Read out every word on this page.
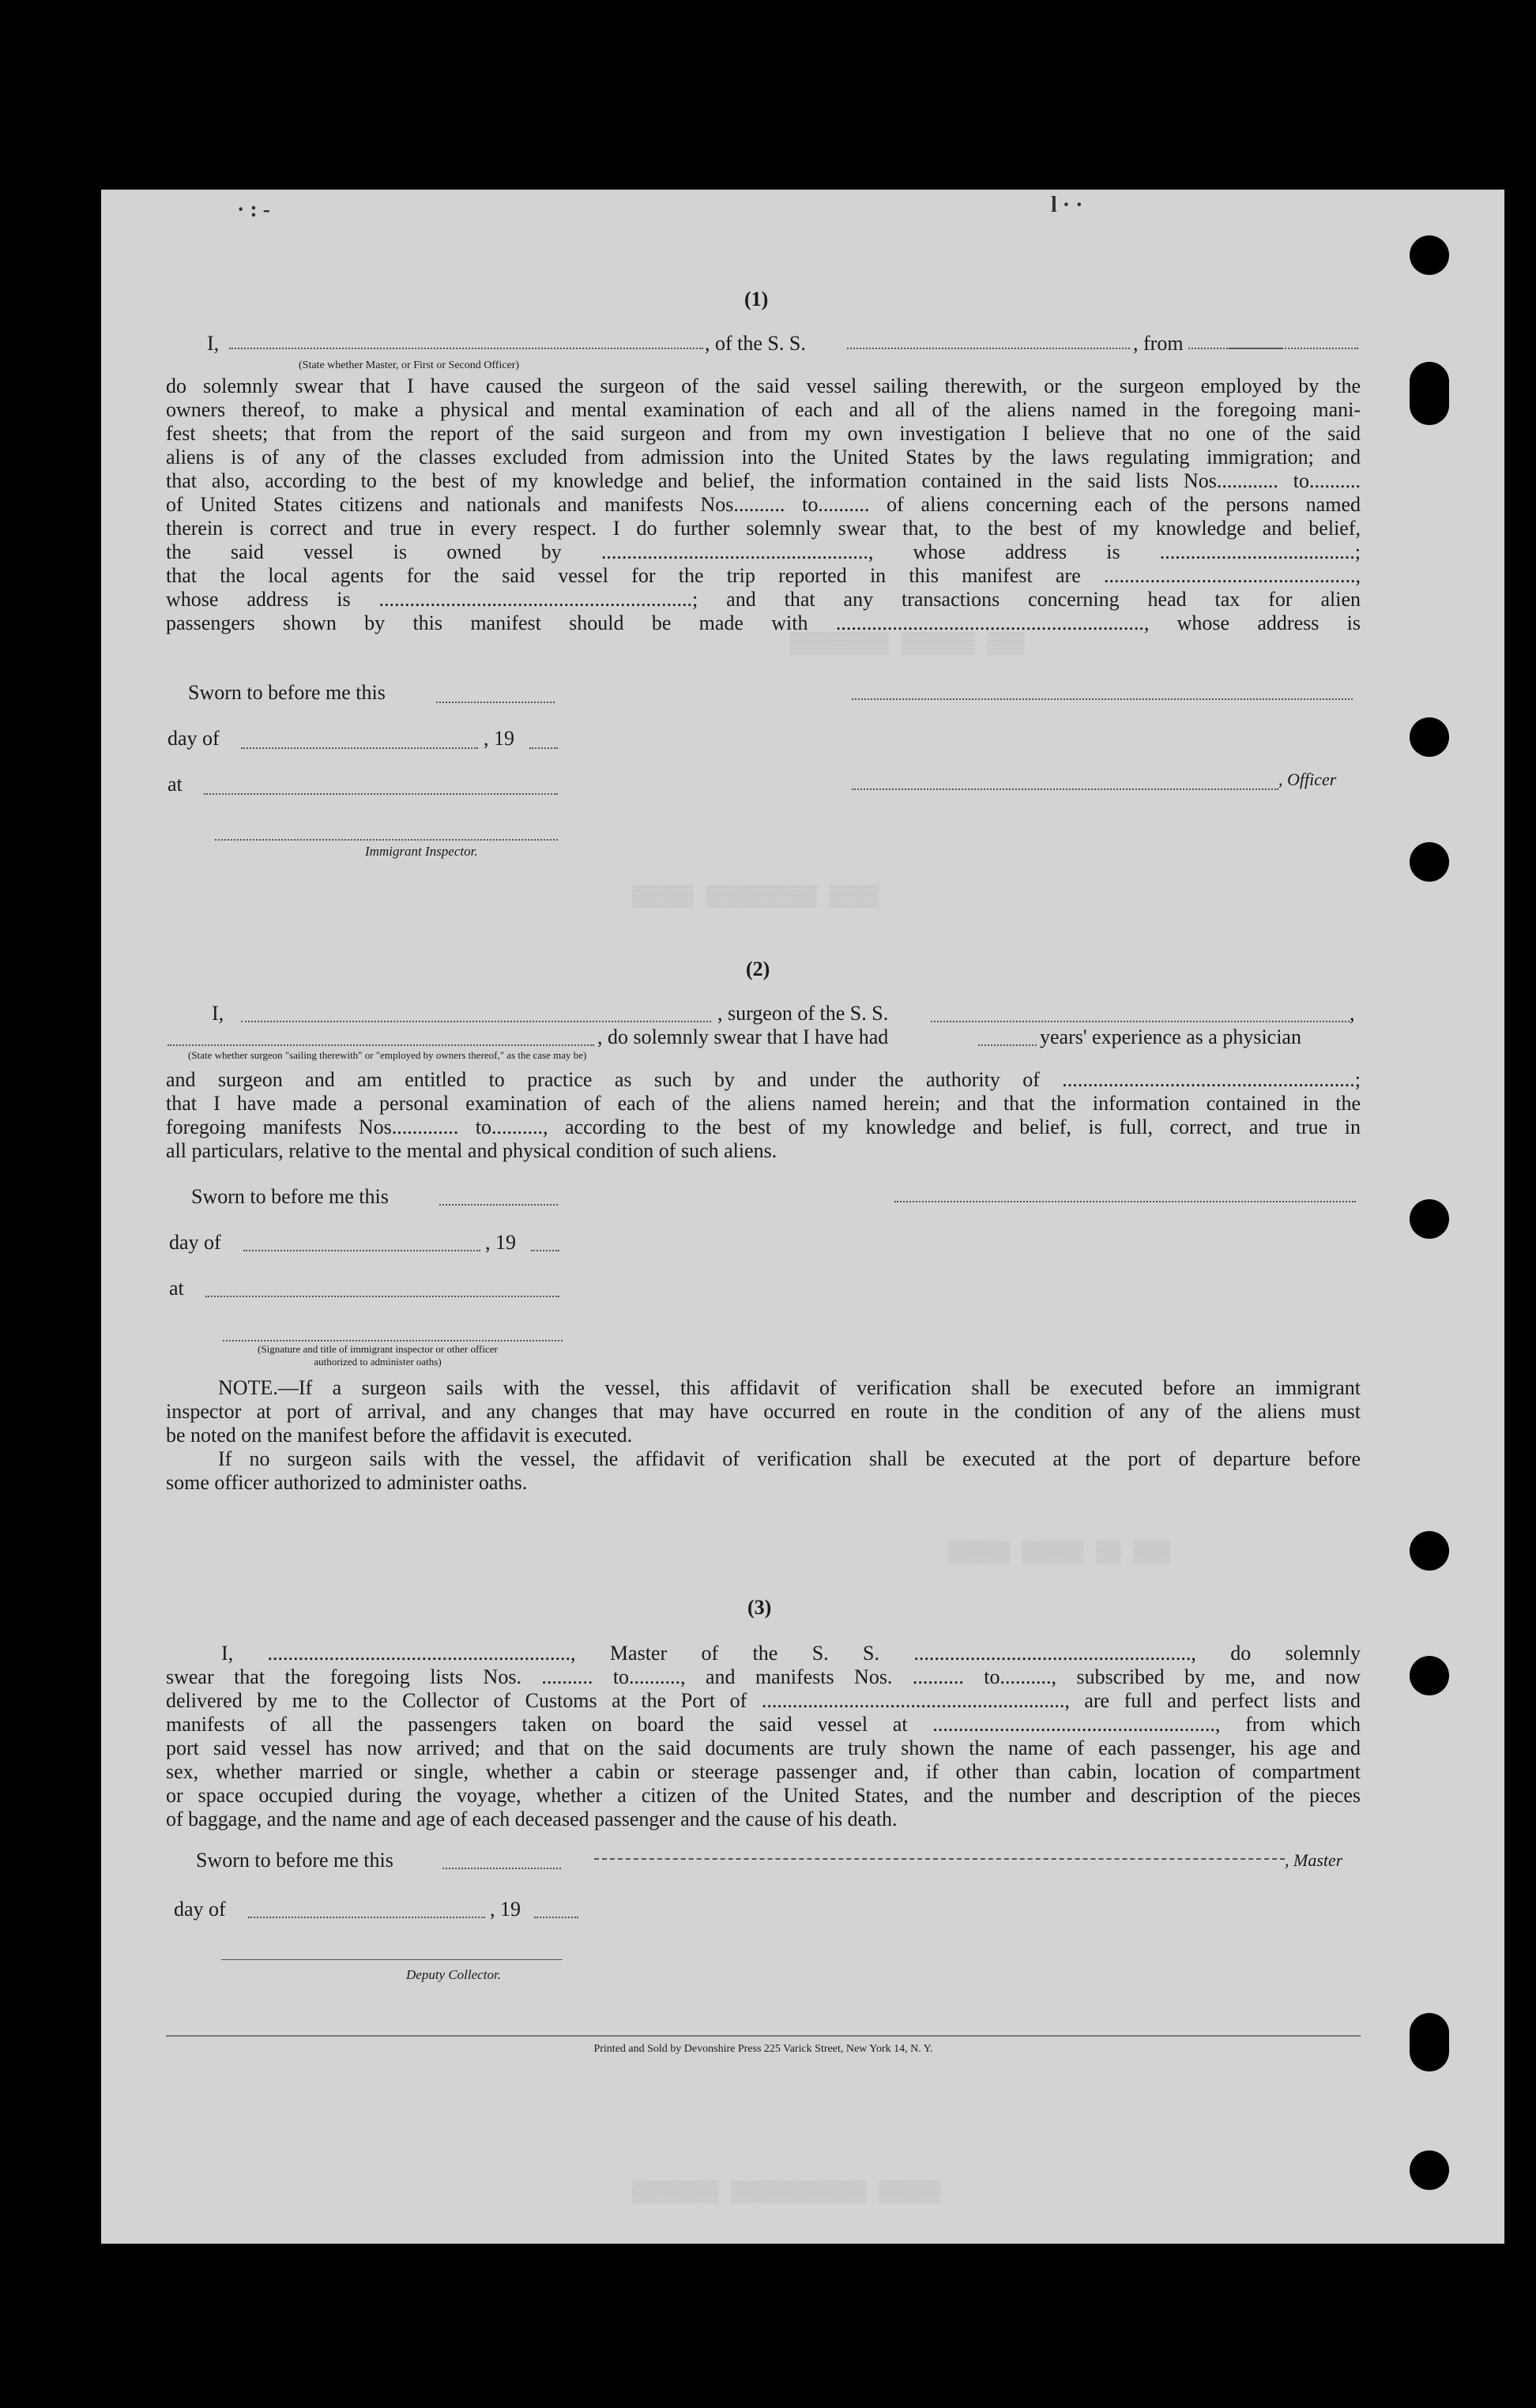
▒▒▒▒▒▒▒▒ ▒▒▒▒▒▒ ▒▒▒
▒▒▒▒▒ ▒▒▒▒▒▒▒▒▒ ▒▒▒▒
▒▒▒▒▒ ▒▒▒▒▒ ▒▒ ▒▒▒
▒▒▒▒▒▒▒ ▒▒▒▒▒▒▒▒▒▒▒ ▒▒▒▒▒
· : -	l · ·
(1)
I,	, of the S. S.	, from
(State whether Master, or First or Second Officer)
do solemnly swear that I have caused the surgeon of the said vessel sailing therewith, or the surgeon employed by the
owners thereof, to make a physical and mental examination of each and all of the aliens named in the foregoing mani-
fest sheets; that from the report of the said surgeon and from my own investigation I believe that no one of the said
aliens is of any of the classes excluded from admission into the United States by the laws regulating immigration; and
that also, according to the best of my knowledge and belief, the information contained in the said lists Nos............ to..........
of United States citizens and nationals and manifests Nos.......... to.......... of aliens concerning each of the persons named
therein is correct and true in every respect. I do further solemnly swear that, to the best of my knowledge and belief,
the said vessel is owned by ...................................................., whose address is ......................................;
that the local agents for the said vessel for the trip reported in this manifest are .................................................,
whose address is .............................................................; and that any transactions concerning head tax for alien
passengers shown by this manifest should be made with ............................................................, whose address is
Sworn to before me this
day of	, 19
at
Immigrant Inspector.
, Officer
(2)
I,	, surgeon of the S. S.	,
, do solemnly swear that I have had	years' experience as a physician
(State whether surgeon "sailing therewith" or "employed by owners thereof," as the case may be)
and surgeon and am entitled to practice as such by and under the authority of .........................................................;
that I have made a personal examination of each of the aliens named herein; and that the information contained in the
foregoing manifests Nos............. to.........., according to the best of my knowledge and belief, is full, correct, and true in
all particulars, relative to the mental and physical condition of such aliens.
Sworn to before me this
day of	, 19
at
(Signature and title of immigrant inspector or other officer authorized to administer oaths)
NOTE.—If a surgeon sails with the vessel, this affidavit of verification shall be executed before an immigrant
inspector at port of arrival, and any changes that may have occurred en route in the condition of any of the aliens must
be noted on the manifest before the affidavit is executed.
If no surgeon sails with the vessel, the affidavit of verification shall be executed at the port of departure before
some officer authorized to administer oaths.
(3)
I, ..........................................................., Master of the S. S. ......................................................, do solemnly
swear that the foregoing lists Nos. .......... to.........., and manifests Nos. .......... to.........., subscribed by me, and now
delivered by me to the Collector of Customs at the Port of ..........................................................., are full and perfect lists and
manifests of all the passengers taken on board the said vessel at ......................................................., from which
port said vessel has now arrived; and that on the said documents are truly shown the name of each passenger, his age and
sex, whether married or single, whether a cabin or steerage passenger and, if other than cabin, location of compartment
or space occupied during the voyage, whether a citizen of the United States, and the number and description of the pieces
of baggage, and the name and age of each deceased passenger and the cause of his death.
Sworn to before me this	, Master
day of	, 19
Deputy Collector.
Printed and Sold by Devonshire Press 225 Varick Street, New York 14, N. Y.
